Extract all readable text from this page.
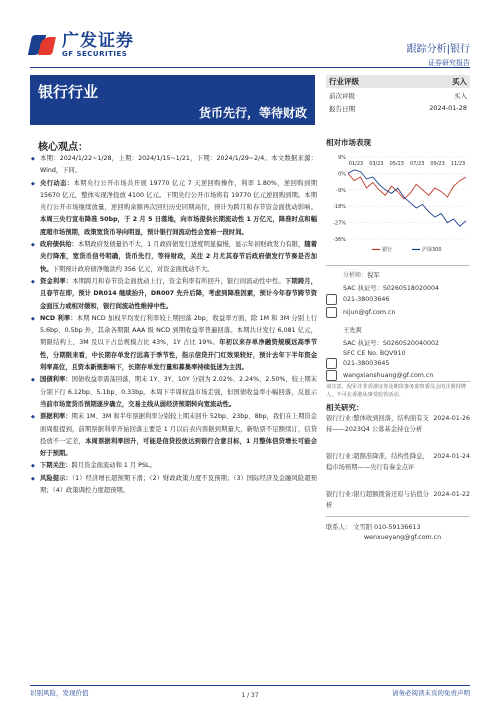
广发证券
GF SECURITIES	跟踪分析|银行
证券研究报告
银行行业
货币先行，等待财政
行业评级	买入
前次评级	买入
报告日期	2024-01-28
相对市场表现
9%
0%
-9%
-18%
-27%
-36%
01/23 03/23 05/23 07/23 09/23 11/23
银行	沪深300
分析师：倪军
SAC 执证号：S0260518020004
021-38003646
nijun@gf.com.cn
王先爽
SAC 执证号：S0260520040002
SFC CE No. BQV910
021-38003645
wangxianshuang@gf.com.cn
请注意，倪军并非香港证券及期货事务监察委员会的注册持牌人，不可在香港从事受监管活动。
相关研究：
银行行业:整体收到回落，结构面有支持——2023Q4 公募基金持仓分析
2024-01-26
银行行业:超额准降准，结构性降息，稳市场预期——央行有奏金点评
2024-01-24
银行行业:银行超额拨备还原与估值分析
2024-01-22
联系人： 文雪阳 010-59136613
wenxueyang@gf.com.cn
核心观点：
◆ 本期：2024/1/22~1/28，上期：2024/1/15~1/21，下期：2024/1/29~2/4。本文数据来源：Wind，下同。
◆ 央行动态：本期央行公开市场共开展 19770 亿元 7 天逆回购操作，利率 1.80%，逆回购到期 15670 亿元，整体实现净投放 4100 亿元。下期央行公开市场将有 19770 亿元逆回购到期。本期央行公开市场继续放量，逆回购余额再次回归历史同期高位，预计为跨月和春节资金面扰动影响。本周三央行宣布降准 50bp，于 2 月 5 日落地，向市场提供长期流动性 1 万亿元，降准时点和幅度超市场预期，政策宽货币导向明显，预计银行间流动性会宽裕一段时间。
◆ 政府债供给：本期政府发债量仍不大，1 月政府债发行进度明显偏慢，显示年初财政发力有限，随着央行降准，宽货币信号明确，货币先行，等待财政，关注 2 月尤其春节后政府债发行节奏是否加快。下期预计政府债净缴款约 356 亿元，对资金面扰动不大。
◆ 资金利率：本期跨月和春节资金面扰动上行，资金利率有所回升，银行间流动性中性。下期跨月，且春节在即，预计 DR014 继续抬升，DR007 先升后降，考虑到降准因素，预计今年春节跨节资金面压力或相对缓和，银行间流动性维持中性。
◆ NCD 利率：本期 NCD 加权平均发行利率较上期回落 2bp，收益率方面，除 1M 和 3M 分别上行 5.6bp、0.5bp 外，其余各期限 AAA 级 NCD 到期收益率普遍回落。本期共计发行 6,081 亿元，期限结构上，3M 及以下占总规模占比 43%，1Y 占比 19%。年初以来存单净融资规模远高季节性，分期限来看，中长期存单发行远高于季节性，指示信贷开门红效果较好，预计去年下半年资金利率高位，且资本新规影响下，长期存单发行量和募集率持续低迷为主因。
◆ 国债利率：国债收益率震荡回落，期末 1Y、3Y、10Y 分别为 2.02%、2.24%、2.50%，较上期末分别下行 6.12bp、5.1bp、0.33bp。本周下半周权益市场走强，但国债收益率小幅回落，反显示当前市场宽货币预期逐步确立，交易主线从弱经济预期转向宽流动性。
◆ 票据利率：期末 1M、3M 和半年票据利率分别较上期末回升 52bp、23bp、8bp，我们在上期资金面周报提到，前期票据利率开始回落主要是 1 月以后表内票据到期量大，新贴票不足额续订，信贷投放不一定差，本周票据利率回升，可能是信贷投放达到银行合意目标，1 月整体信贷增长可能会好于预期。
◆ 下期关注：跨月资金面流动和 1 月 PSL。
◆ 风险提示：（1）经济增长超预期下滑；（2）财政政策力度不及预期；（3）国际经济及金融风险超预期；（4）政策调控力度超预期。
识别风险，发现价值	请务必阅读末页的免责声明
1 / 37
